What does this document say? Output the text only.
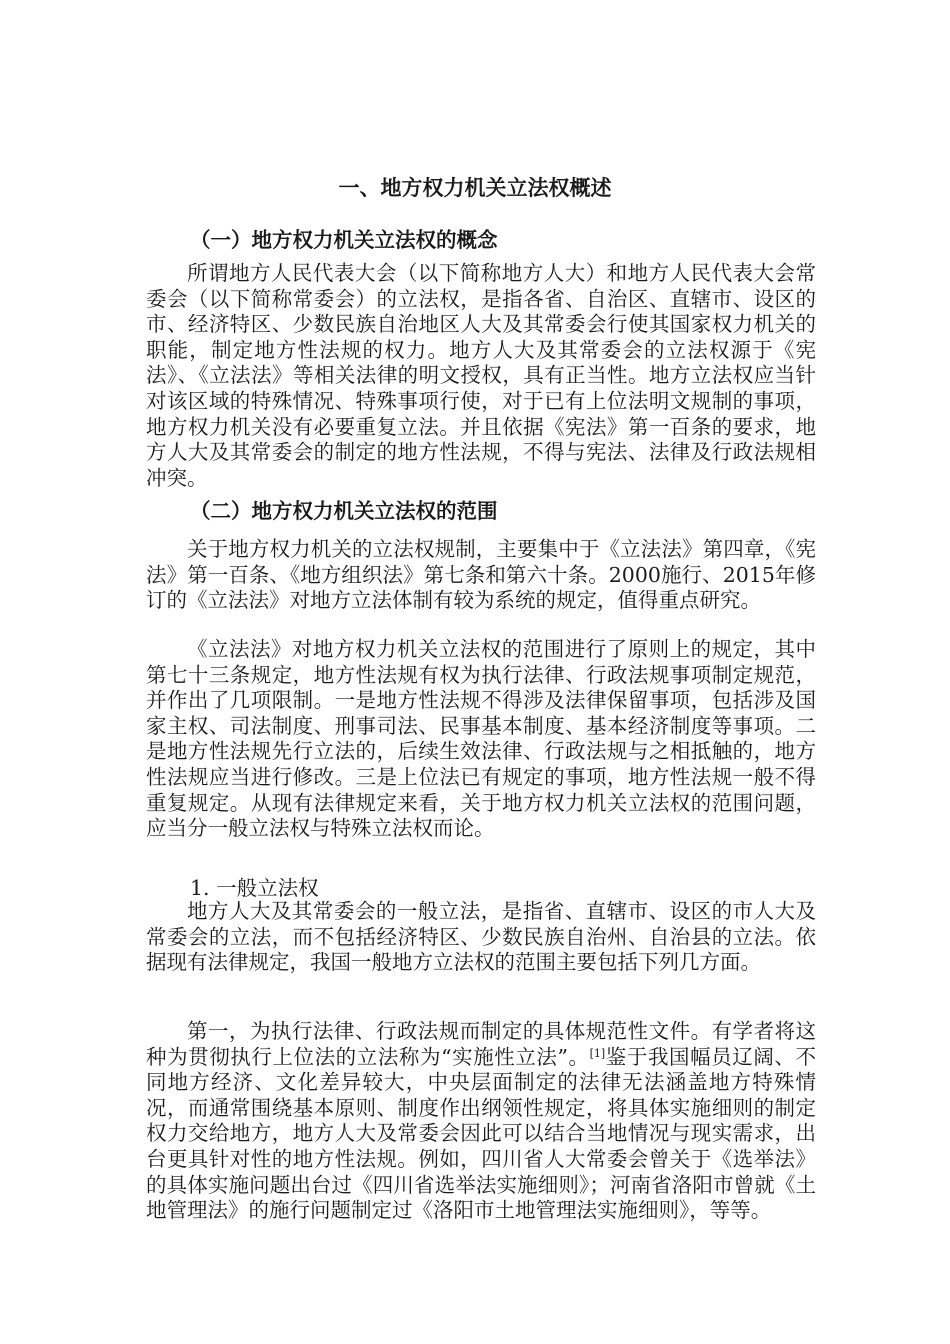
一、地方权力机关立法权概述
（一）地方权力机关立法权的概念

所谓地方人民代表大会（以下简称地方人大）和地方人民代表大会常委会（以下简称常委会）的立法权，是指各省、自治区、直辖市、设区的市、经济特区、少数民族自治地区人大及其常委会行使其国家权力机关的职能，制定地方性法规的权力。地方人大及其常委会的立法权源于《宪法》、《立法法》等相关法律的明文授权，具有正当性。地方立法权应当针对该区域的特殊情况、特殊事项行使，对于已有上位法明文规制的事项，地方权力机关没有必要重复立法。并且依据《宪法》第一百条的要求，地方人大及其常委会的制定的地方性法规，不得与宪法、法律及行政法规相冲突。

（二）地方权力机关立法权的范围

关于地方权力机关的立法权规制，主要集中于《立法法》第四章，《宪法》第一百条、《地方组织法》第七条和第六十条。2000施行、2015年修订的《立法法》对地方立法体制有较为系统的规定，值得重点研究。

《立法法》对地方权力机关立法权的范围进行了原则上的规定，其中第七十三条规定，地方性法规有权为执行法律、行政法规事项制定规范，并作出了几项限制。一是地方性法规不得涉及法律保留事项，包括涉及国家主权、司法制度、刑事司法、民事基本制度、基本经济制度等事项。二是地方性法规先行立法的，后续生效法律、行政法规与之相抵触的，地方性法规应当进行修改。三是上位法已有规定的事项，地方性法规一般不得重复规定。从现有法律规定来看，关于地方权力机关立法权的范围问题，应当分一般立法权与特殊立法权而论。

1. 一般立法权

地方人大及其常委会的一般立法，是指省、直辖市、设区的市人大及常委会的立法，而不包括经济特区、少数民族自治州、自治县的立法。依据现有法律规定，我国一般地方立法权的范围主要包括下列几方面。

第一，为执行法律、行政法规而制定的具体规范性文件。有学者将这种为贯彻执行上位法的立法称为“实施性立法”。[1]鉴于我国幅员辽阔、不同地方经济、文化差异较大，中央层面制定的法律无法涵盖地方特殊情况，而通常围绕基本原则、制度作出纲领性规定，将具体实施细则的制定权力交给地方，地方人大及常委会因此可以结合当地情况与现实需求，出台更具针对性的地方性法规。例如，四川省人大常委会曾关于《选举法》的具体实施问题出台过《四川省选举法实施细则》；河南省洛阳市曾就《土地管理法》的施行问题制定过《洛阳市土地管理法实施细则》，等等。
